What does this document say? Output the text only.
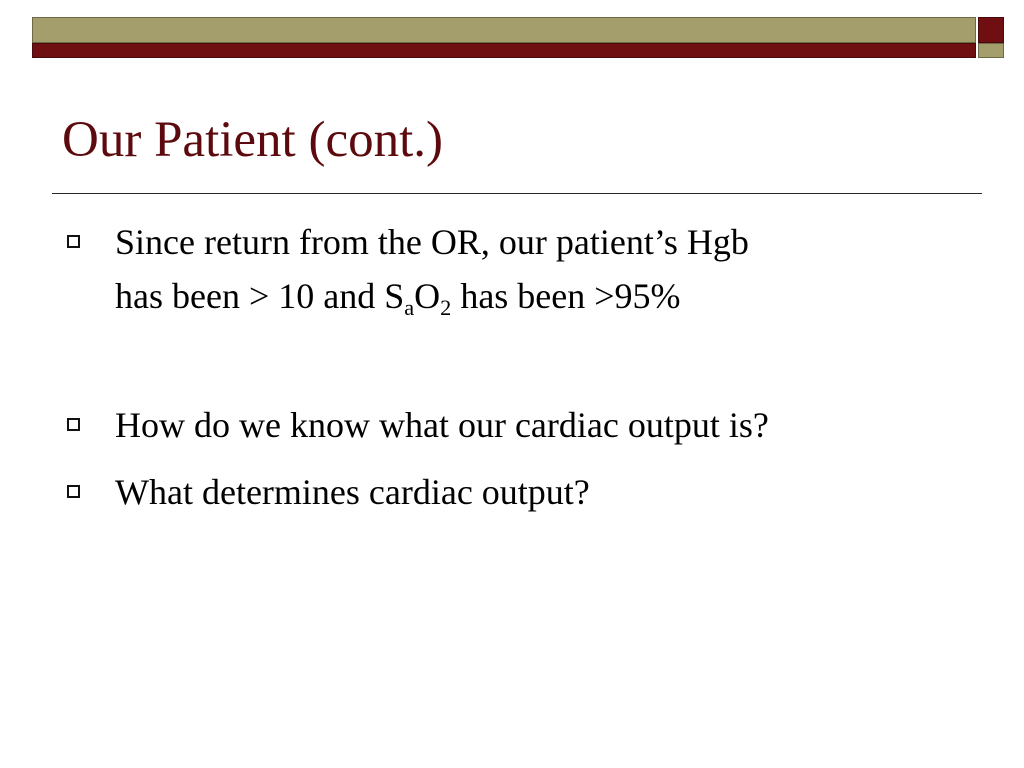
Our Patient (cont.)
Since return from the OR, our patient’s Hgb
has been > 10 and $S_aO_2$ has been >95%
How do we know what our cardiac output is?
What determines cardiac output?
